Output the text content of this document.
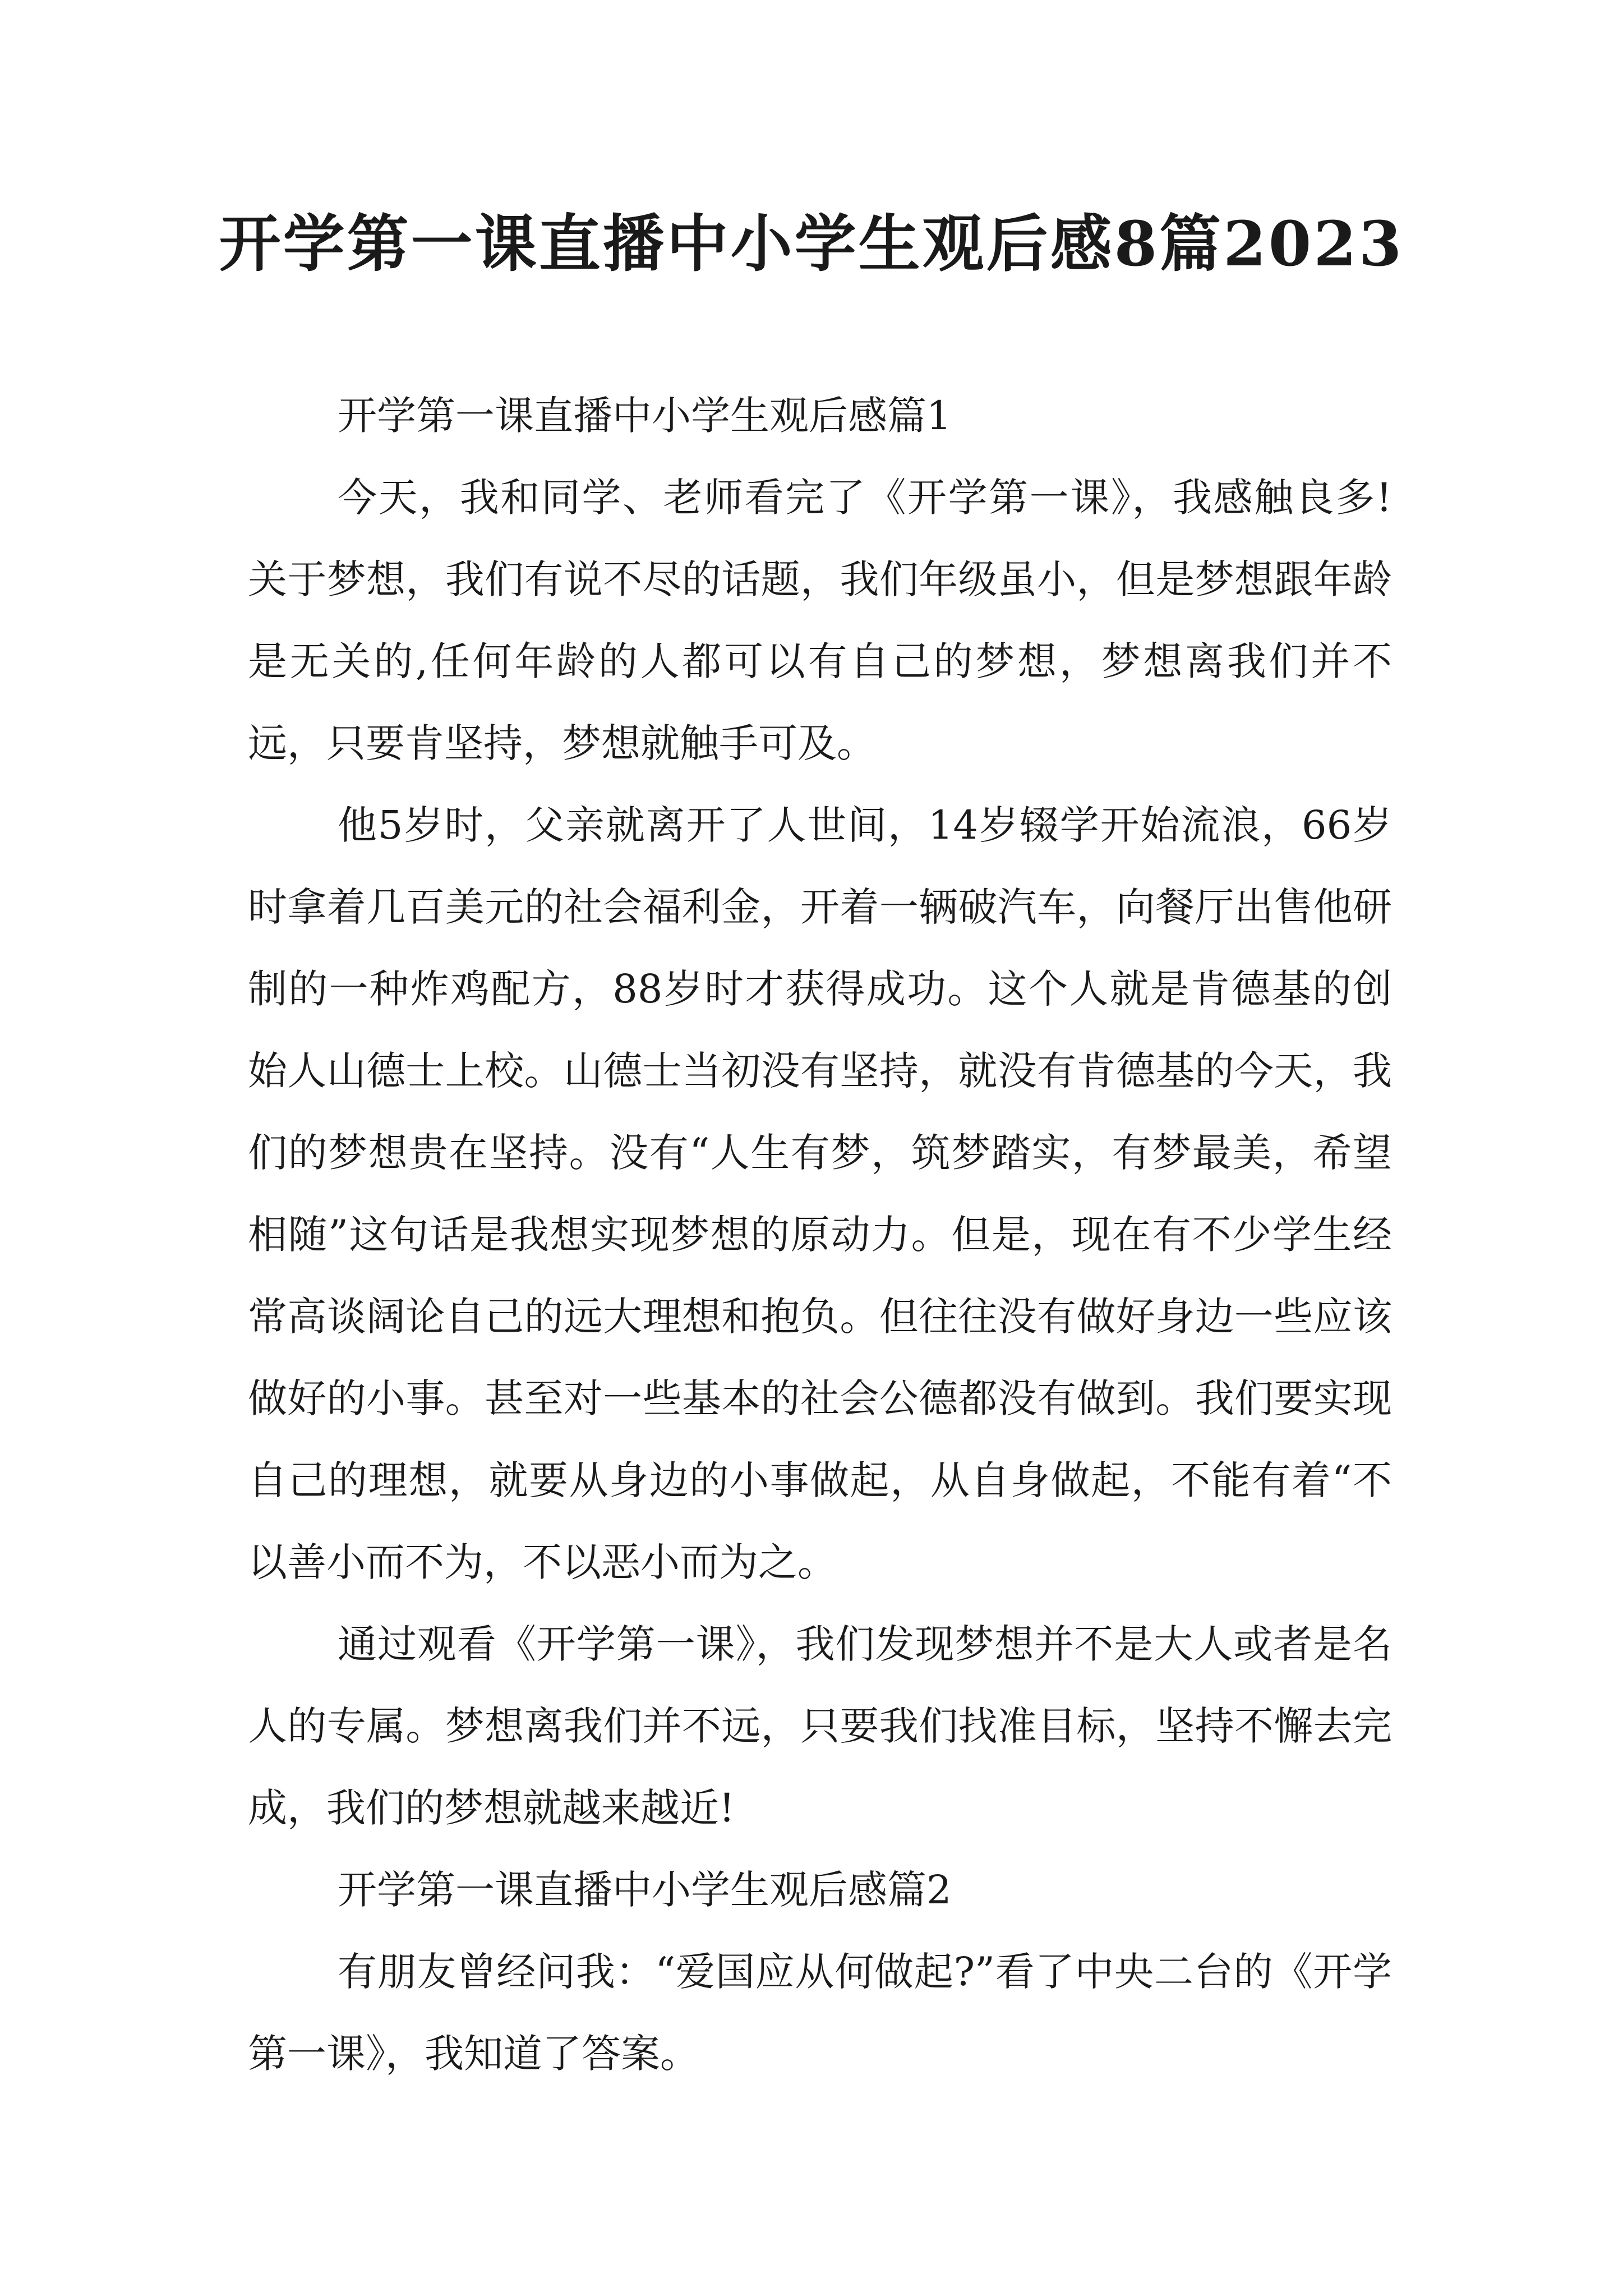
开学第一课直播中小学生观后感8篇2023

开学第一课直播中小学生观后感篇1

今天，我和同学、老师看完了《开学第一课》，我感触良多!关于梦想，我们有说不尽的话题，我们年级虽小，但是梦想跟年龄是无关的,任何年龄的人都可以有自己的梦想，梦想离我们并不远，只要肯坚持，梦想就触手可及。

他5岁时，父亲就离开了人世间，14岁辍学开始流浪，66岁时拿着几百美元的社会福利金，开着一辆破汽车，向餐厅出售他研制的一种炸鸡配方，88岁时才获得成功。这个人就是肯德基的创始人山德士上校。山德士当初没有坚持，就没有肯德基的今天，我们的梦想贵在坚持。没有“人生有梦，筑梦踏实，有梦最美，希望相随”这句话是我想实现梦想的原动力。但是，现在有不少学生经常高谈阔论自己的远大理想和抱负。但往往没有做好身边一些应该做好的小事。甚至对一些基本的社会公德都没有做到。我们要实现自己的理想，就要从身边的小事做起，从自身做起，不能有着“不以善小而不为，不以恶小而为之。

通过观看《开学第一课》，我们发现梦想并不是大人或者是名人的专属。梦想离我们并不远，只要我们找准目标，坚持不懈去完成，我们的梦想就越来越近!

开学第一课直播中小学生观后感篇2

有朋友曾经问我：“爱国应从何做起?”看了中央二台的《开学第一课》，我知道了答案。
